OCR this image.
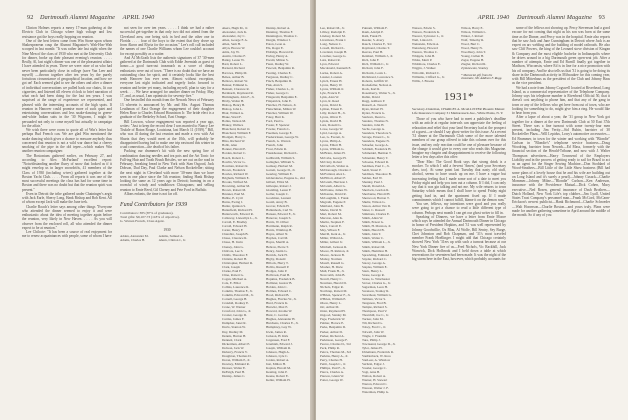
92 Dartmouth Alumni Magazine APRIL 1940

Clinton Holmes reports a merry 17-man gathering at the Electric Club in Chicago where high voltage and low resistance got the boys really hopping on reunion.

One of the best letters came from Win Stone upon whom Shakespearean coup the Alumni Magazine's Wah-Hoo-Wah scooped in last month: "It was rather late last night when the Nine Men of the class of 1930 who met at the University Club for dinner, broke up their pleasant evening's reunion. . . . . Really, Al, last night's dinner was one of the pleasantest affairs I have attended in years. There we were: nine of us who had never been particularly close in college (save Van Leer and myself) —thrown together after ten years by the purely fortuitous circumstance of geographical location, and how we got on! Each seemed glad to see the others and after a dinner of individual conversations we pulled back our chairs, lit our cigarettes, and listened till eleven o'clock to brief narration of what each had been doing for the last ten years. I was surprised at the range of experience we represented, and pleased with the interesting accounts of the high spots. If reunion in Hanover could promise more of such quiet and entertaining conversations and less snake-dancing in green-and-white Indian suits in the '30 Wigwam, I might be persuaded not only to come myself but actually to campaign for the affair."

We wish there were room to quote all of Win's letter but perhaps Bud French can. We are glad Win mentioned the snake dancing which gives a chance to reassure anybody thus concerned that reunion is not a wild war dance but a cheery smoking of the pipe in the old tepee—which makes Win another reunion campaigner.

The Bostonians gathered earlier, on February 27, and according to Alex McFarland' excellent report: "Notwithstanding another flurry of snow that looked as if it might envelop us in larger snowdrifts, 41 members of the Class of 1930 (including wives) gathered together at the Boston Yacht Club. . . . . From all reports it was one of the most successful meetings the class has had for some time in Boston and there was no doubt but that the reunion spirit was present."

Even in Detroit the tribe gathered under Chaininger's aegis with Jack Earle, Sherry Long, Hank Bishop and Bob Kent. All of whom except Jack will make the June trek.

Charlie Roach's letter says among other things "Everyone who attended the dinner seemed to enjoy it and were enthusiastic about the idea of meeting together again before the reunion, very likely in New Haven. . . . . As you will observe from the enclosed roll, all who attended the dinner expect to be at reunion."

Lee Chilcote: "It has been a source of real enjoyment for me to renew acquaintances with people, some of whom I have

not seen for over ten years. . . . . I think we had a rather successful get-together in that only two did not attend from the Cleveland area, one being sick in bed and the other one in Florida . . . . four of the boys to the extent that they drove up from Akron and Elyria for the occasion." Lee's roll call included the names of one Charlie Williams whom Lee couldn't account for except possibly as a waiter.

And Al McGrath lists the authentic signatures of 37 '30-men gathered at the Dartmouth Club with Eddie Jeremiah as guest of honor—a good turn-out inasmuch as a score of dining enthusiasts were out of town. "There is no doubt that we have an outstanding class for spirit, and it certainly looks like the best tenth Hanover has ever seen. Almost without exception, everyone last night indicated and eagerly looks forward to reunion and better yet many, including myself, plan to stay for a week. . . . We have arranged for another dinner on Friday, May 17, and, as usual, I am optimistic for seventy-five."

One bestrolled this month from the Newark News of February 13 wherein is announced by Mr. and Mrs. August Thomas Leuthman of East Orange the engagement of their daughter Helen Rose to Charles Edward Houniston Jr. The bride elect is a graduate of the Berkeley School, East Orange.

Bill Lowson, whose engagement was reported a year ago, writes: "Just to keep the record clear I was married to Nancy Lee Tisdale of Baton Rouge, Louisiana, last March 11 (1939)." Bill, who was ill during the last reunion and made a vow with Art Shurtz that they would meet at the 10th, will probably be disappointed having had to make one trip eastward this winter in a sad connection—the death of his father.

Packing our drummer's kit with the new spring line of combination dancing needles and tea pots and the Art Tonic for Fall-ing Hair and Tooth Brush Bristles, we are out on the road in February, breaking bread in New York with Stan Osgood, Jack Dobson, Dud Day, Paul Clarke and Nelson Rockefeller; sitting the next night in Cleveland with more '30-men than we have seen in one place since the 5th reunion; finding Hank Bishop looking the same as 12 years ago in Detroit; burning in on a roomful of windy and windblown Chicagoans; and selling reunion to Ernie Reed, Gil Cheney and Pete Ford in Buffalo.

Allons enfants, the time is not far off.

Fund Contributors for 1939
Contributors: 385 (87% of graduates).
Total gifts: $9,107.73 (118% of objective).
G. Warren French, Class Agent.
1930
Adden, Alexander M.
Adams, Charles H.
Adams, Samuel A.
Ahern, Clinton J., Jr.
Akers, Hugh M., Jr.
Alexander, Jack K.
Alexander, Jay C.
Allen, George F. A.
Allen, Sam H.
Allyn, Horace W.
Amis, Jay W.
Austin, Charles F.
Bailey, Lester W.
Bard, Robert L.
Barnard, Richard
Barrows, Philip M.
Bebee, Arthur B.
Bellows, Robert W.
Benner, Edmund G.
Bennett, Clarence R.
Bernhardt, Raymond R.
Birmingham, John F., Jr.
Bixby, Walter H.
Bishop, Henry B.
Bishop, John L.
Blair, Willard A.
Blake, Ward F.
Bolles, Nelson M.
Blakey, Wallace
Blanchard, Robert O.
Blanchard, William F.
Blodgett, Harry L.
Bliss, Richard W.
Bobb, Alan
Bonner, Harold E.
Borden, Robert C.
Bosch, Robert L.
Bowlin, Victor G.
Bowman, Robert R.
Brown, Frederick
Bowles, Richard W.
Brigham, William E.
Brooks, Wilfred M.
Browning, Arthur M.
Brown, Robert M.
Brunner, Paul M.
Bubbe, E. Cyril
Burns, Ewing J.
Butler, Quinton S.
Butterfield, Richard H.
Butterworth, Edward R.
Callaway, Llewellyn L., Jr.
Carroll, E. Bradley
Carroll, Edward H.
Carter, Henry F.
Chandler, Joseph B.
Chase, Clarence R.
Chase, H. Irwin
Cheney, John G.
Chilcote, Lee S.
Childs, Theodore F.
Christie, Robert H.
Christopher, Herbert R.
Clark, Joseph
Clarke, Paul F.
Cline, Robert G.
Cogan, Michael A.
Cole, E. Elliot
Collins, Laurence R.
Conklin, Thomas F., Jr.
Conklin, Edward M., Jr.
Cornell, George H.
Crandall, Rodney E.
Crane, W. Warner
Crawford, John G., Jr.
Crosier, George D.
Curtiss, James F.
Dampher, Janet R.
Davis, Stanton W.
Day, Dudley M.
Dennis, Burton H.
Dennett, Clark
Dickerman, Albert E.
Dobson, Jack W.
Dubarry, Francis V.
Doughton, Thomas D.
Doran, William P., Jr.
Downey, Edmund R.
Dresser, Walter E.
DeFeigh, Paul H.
Dunlap, James C.
Dunlap, Robert A.
Dunning, Thomas F.
Dunnington, Thomas C.
Durgin, Windsor J.
Eaton, Leon A.
Ela, Roger E.
Eldridge, Howard R.
Ewing, Henry A.
Ewald, Milton S.
Faust, Dudley W.
Fawcett, Benjamin R.
Fearing, Charles E.
Ferguson, Dudley C.
Finch, Benjamin D.
Fisk, Alan S.
Fisher, Charles L., Jr.
Fisher, George C.
Fitzgerald, Benjamin E.
Fitzpatrick, John E.
Fletcher, H. Nelson, Jr.
Fleischman, Milton W.
Fletcher, William W.
Foley, Burt K.
Ford, Paul G.
Foster, F. Spencer
Fowler, Francis L.
Freeman, George E.
Fredericksen, George W.
French, G. Warren
French, John
Frost, Edwin R.
Frankhouser, Richard L.
Gallbraith, William S.
Gallagher, William S.
Gamsey, Herbert M.
Garrett, George D., Jr.
Gearing, William E.
Gildersleeve, Eugene G., 2nd
Gilbert, Elliot M.
Gillespie, Robert J.
Gladding, Lester F.
Goller, Joseph C.
Goodman, Laurent
Gould, Avery B.
Grover, Edwin H.
Hallenbeck, Carl W.
Hansen, Edward F., Jr.
Hanover, Joseph S.
Harris, W. Oliver
Hartmann, Ralph R.
Harris, Winthrop B.
Hayes, Albert N.
Hayden, Carl M.
Hayes, Merrill A.
Hebron, Pierre T.
Henry, Justin G.
Herrick, Jack H.
Higby, Donald
Hillock, Harry T.
Hobbs, Russell P.
Hodges, John P.
Holbrook, Paul B.
Hopkins, Frederick B.
Hollister, Gustav B.
Holden, John C.
Holmes, Edward C.
Hood, Richard B.
Hughes, Flavius W., Jr.
Hurd, Francis K.
Hurwitz, Max E.
Howard, Jerome W.
Hunt, C. Gordon
Hughes, Alexander H.
Hutchens, Charles E., Jr.
Humphrey, Guy W.
Irwin, James R.
Jackson, H. Kirk
Jorgensen, Fred F.
Jeremiah, Edward J.
Joseph, William R.
Johnson, Hugh A.
Johnson, Lyle C.
Jordan, Robert A.
Just, Milton H.
Kaplan, Harold M.
Keating, John P.
Keene, Robert E.
Keller, William H.
APRIL 1940 Dartmouth Alumni Magazine 93
Lee, Robert M., Jr.
Libbey, Rudolph E.
Lindsay, Robert M.
Livermore, Frank J.
Long, Nelson C.
Lowell, Richard L.
Loveland, Joseph H.
Lowther, George G.
Lutz, Robert R.
Lyon, Edward
Macdonald, Kenneth E.
Lucke, Robert A.
Lussier, Lorenzo
Lynch, Ernest H.
Lyons, Henry W.
Lyons, William Jr.
Lyle, Francis E.
Lynk, Alan W.
Lyon, R. Reed
Lyons, David K.
Lyman, Ernest E.
Lilly, Robert H., Jr.
Lyons, Oliver E.
Lynde, David H.
Lutz, Donald G.
Lowe, George W.
Lynd, George A.
Lee, G. Everett, Jr.
Lyons, Philip A.
Lyons, Elliott H.
Lyons, William G.
McBrien, James H.
McCabe, George H.
McClary, Robert
McCulloch, Walter A.
McDonough, Charles J.
McFarland, Alex L.
McElliott, Albert F.
McGrath, Harrison J.
McGrath, Albert G.
McIlvaine, James W.
McKenna, David R.
McLaughlin, J. Frank
Magrath, Eugene P.
Maitland, John B.
Marks, David N.
Mart, Robert M.
Marston, Alan K.
Martin, Stephen F.
Marx, Carroll E.
May, Wilson F.
Merrill, Kent A., Jr.
Miller, Willard A.
Miller, Gilbert Jr.
Mitchell, Jackson R.
Moore, H. Ralston, Jr.
Moore, Jackson B.
Motley, Norman
Morell, Russell G.
Mosher, H. Drew
Mull, Frank H., Jr.
Newcomb, John B.
Nevell, Henry C.
Newman, Harold D.
Nichols, Edgar R.
Northrup, Robert M.
O'Brien, Spencer F., Jr.
O'Brien, William E.
Olson, Henry L.
Orr, Arthur M.
Osler, Raymond H.
Osgood, Stanley M.
Page, Frederick W.
Palmer, Horace E.
Parks, Benjamin D.
Parker, Arthur D.
Parker, Richard A.
Parkinson, George F.
Pearce, Charles D., 3rd
Peck, Philip R.
Peirce, Thomas M., 3rd
Perkins, Henry A., Jr.
Perry, Charles H.
Pettit, Joseph C., Jr.
Phillips, Paul F., Jr.
Pierce, Charles A.
Pierson, Glenn W.
Potter, George W.
Putnam, William F.
Rauh, Adolph P.
Rath, Frank H.
Reeder, S. Avery
Rauch, Charles F., 3rd
Raymond, Charles T.
Reeves, Paul H.
Reinhart, William J., Jr.
Rich, John F.
Rich, William C., Jr.
Richard, John F.
Richards, Louis L.
Richmond, Lawrence S.
Roberts, Griffith W.
Rockefeller, Nelson A.
Rock, Karl R.
Rosenberry, Walter S., Jr.
Rubin, David
Rugg, Addison P.
Russell, A. Newell
Ryan, Robert H.
Ryder, Francis G.
Sanborn, Dean G.
Sanders, Thomas N.
Sanders, John H.
Sachs, George A.
Saunders, Theodore S.
Savage, Ernest L., Jr.
Saunders, Eugene N.
Schaefer, George A.
Schmidt, Frederick H.
Schmeidel, Herman T.
Schneider, Henry T.
Schoene, Edward R.
Seidman, Paul C., Jr.
Seidl, Stuart P.
Seidman, Theodore B.
Selden, Earl W.
Shanley, Paul J.
Shedd, Donald A.
Sherlock, Gordon R.
Sherburne, Harold H.
Sherwood, Burton T.
Shultz, Wilson G.
Sisson, Arthur Van D.
Slater, C. Russell
Simmons, Charles E.
Smith, Allen W.
Smith, Ernest G.
Smith, H. Marston, Jr.
Smith, Harold B.
Smith, John T.
Smith, Walter C.
Smith, William L., Jr.
Smith, Robert M.
Smith, Hamilton H.
Sprackling, Edmund J.
Snyder, Richard C.
Stacey, George A.
Staples, William E.
Stern, Henry L.
Stone, George R.
Stone, G. Winchester
Stover, Charles G., Jr.
Sugarman, Leon H.
Swanson, Stanley R.
Swarthout, William G.
Tallman, Victor S.
Tanganon, Fred B.
Temple, Richard S.
Thompson, Paul V.
Thornhill, Joe C., Jr.
Tucker, John M.
Tilt, Richard G.
Tobey, Fred C., Jr.
Tolwall, John W.
Tingle, J. Franklin
Ture, Philip J.
Townsend, George D., Jr.
Tyler, James H.
Uhlemann, Frederick R.
VanDerbeck, W. Ross
VanLeer, A. Winslow
Verlizzi, Edgar J.
Vossler, George C.
Vogt, Arne B.
Walton, Robert A.
Warner, H. Stewart
Warren, Edward C.
Wasson, Walter J. F.
Waterman, Philip G.
Watson, Edwin S.
Watson, Frederick K.
Weaver, Sylvester L., Jr.
Weil, Linton D.
Weinstein, Edwin A.
Weissberg, Howard
Weston, Thomas C.
Whipple, John B.
White, Mertt P.
Whitmore, Charles E.
Wiggin, J. Walker
Wilcomb, Richard C.
Williams, Clifford G., Jr.
Willis, J. Brooks
Wilson, Harry E.
Wilson, William L.
Winter, J. Robert
Wolf, Timothy R.
Wood, Burt C.
Wood, Henry N.
Woodbury, John T.
Young, Cullen H.
Zagat, Eugene H.
Ziegler, Richard R.
Zynkiewski, Stanley
* Memorial gift from his classmate, Mr. Addison F. Rugg.
1931*
Secretary-Chairman, CHARLES A. McALLISTER Phoenix Mutual Life Insurance Company 31 Mamaroneck Ave., White Plains, N. Y.

Those of you who have had to meet a publisher's deadline with an article at regular intervals can appreciate the feeling of relaxation and relief that your land Secretary had at the prospect of a guest—or should I say ghost-writer for this issue. At a recent '31 dinner at the Dartmouth Club some of the more talented members of our group offered to take this column over for this issue, and my only reaction could be one of pleasure because of the change it would give to every one who reads this Magazine. Imagine my chagrin and disappointment to receive the following letter a few days after this offer:

"Dear Mac: The Good Book says that strong drink is a mocker. To which I add a fervent 'Amen,' (and your Secretary does, too). At some point last Tuesday that nasty old stuff, alcohol, seems to have snuck up on me. I have a vague but increasing feeling that I made some sort of a date to meet you Friday night and help you turn out a column. If I did, I can only say that it was gin talking and not me. My wife returns to town Saturday which means that I shall have to spend Friday night getting load in, and the apartment fixed up. If I made commitments which I cannot fulfill, blame it on the demon rum."

You see, fellows, my intentions were good and you really were going to get a chance to read a little different type of column. Perhaps next month I can get our ghost writer to fill in.

Speaking of Dinners, we have a letter from Ernie Moore which says he attended the Annual Dartmouth Dinner in Chicago in honor of President Hopkins, and '31 was well represented by Johnny Goodwillie, Ox Blau, Al Wolfe, Bill Sentry, Sey Burge, Chet Johnston and Bob Chapman, and '31's most traveled member Frank Hoellinger. I might add that Chicago certainly showed New York '31ers up with such a turnout because at our New York Dinner five of us—Fred Nichols, Vic Rackhill, Jack Warwick, Dick Holbrook and I held down a table at which reservations for seventeen had been made. It was the night of the big storm here in the East, however, which probably accounts for

some of the fellows not showing up. Percy Stevenson had a good excuse for not coming that night as his son was born at the same time as the Dinner, and Percy was in the hospital. Ernie also reports that he saw Jack and Jane Cunningham in Detroit where Jack is an expert on arc welding and the building of model railroads. He also saw Cliff Powers, the king of the Leonard stove division of Kingan & Company and the most eligible bachelor in Indianapolis where he drives around in a big Dartmouth green open-seat job. After a number of attempts, Ernie and Ed Burrill finally got together in Madison, Wisconsin, where Ed is in line for a nice promotion with his oil company. And he also tells us that '31 is going to be doing its share in the Dartmouth activity in Milwaukee for this coming year, with Bill Mitterhaus as the president of the Club and Johnny Haas as the vice president.

We had a note from Johnny Cogswell located at Riverhead, Long Island, as a commercial representative of the Telephone Company. Johnny says his telephone number is Riverhead Official 50, that it doesn't cost anything to phone him, and that any of the gang in town or any of the fellows who get here from out of town, who are looking for something to do, might give him a ring. He would like to hear from you.

After a lapse of about a year, the '31 group in New York got together for a dinner at the new Dartmouth Club at 50 East 37th Street. There was a fine turnout with some twenty-four men present, including Jim Verity—Sid Rubin, barrister of 30 Rockefeller Plaza—Will Lepidus, Lowy's automotive accessories—Ed Brummer, in town for the winter and working with "Blondie" Carlson in "Blondie's" telephone service business—Doug Woodring, barrister from Newark—Ed Mass, formerly with the financial section of the Herald-Tribune, and now with J. Walter Thompson advertisers—Harry Townsend of the Employers Liability and in the process of getting ready to sail for Brazil to act as an agent for the Singer Sewing Machine—Don Stoddard of Wood-Struthers—Bill Little of the Little Show business (Bill had some plans of a lovely house that he and his wife are building out on Long Island and it's surely a pearl)—Johnny Cusack—Charlie Mommer—Johnny Milne—"Blondie" Carlson—Ken Anderson, insurance with the Providence Mutual—Dick Cohen, Macy executive—Ned Rosen, general insurance of Dash Brothers—Dutch Holland, New York Life's top clubber—Jim Lyall, United States Trust Company's personnel man—Frank McCord, McCann-Erickson's newest publicist—Hank Richmond—Charlie Schroeder—Walt Hoornson—Charlie Boston—and yours truly. Plans were made for another gathering sometime in April around the middle of the month. So if any of you
